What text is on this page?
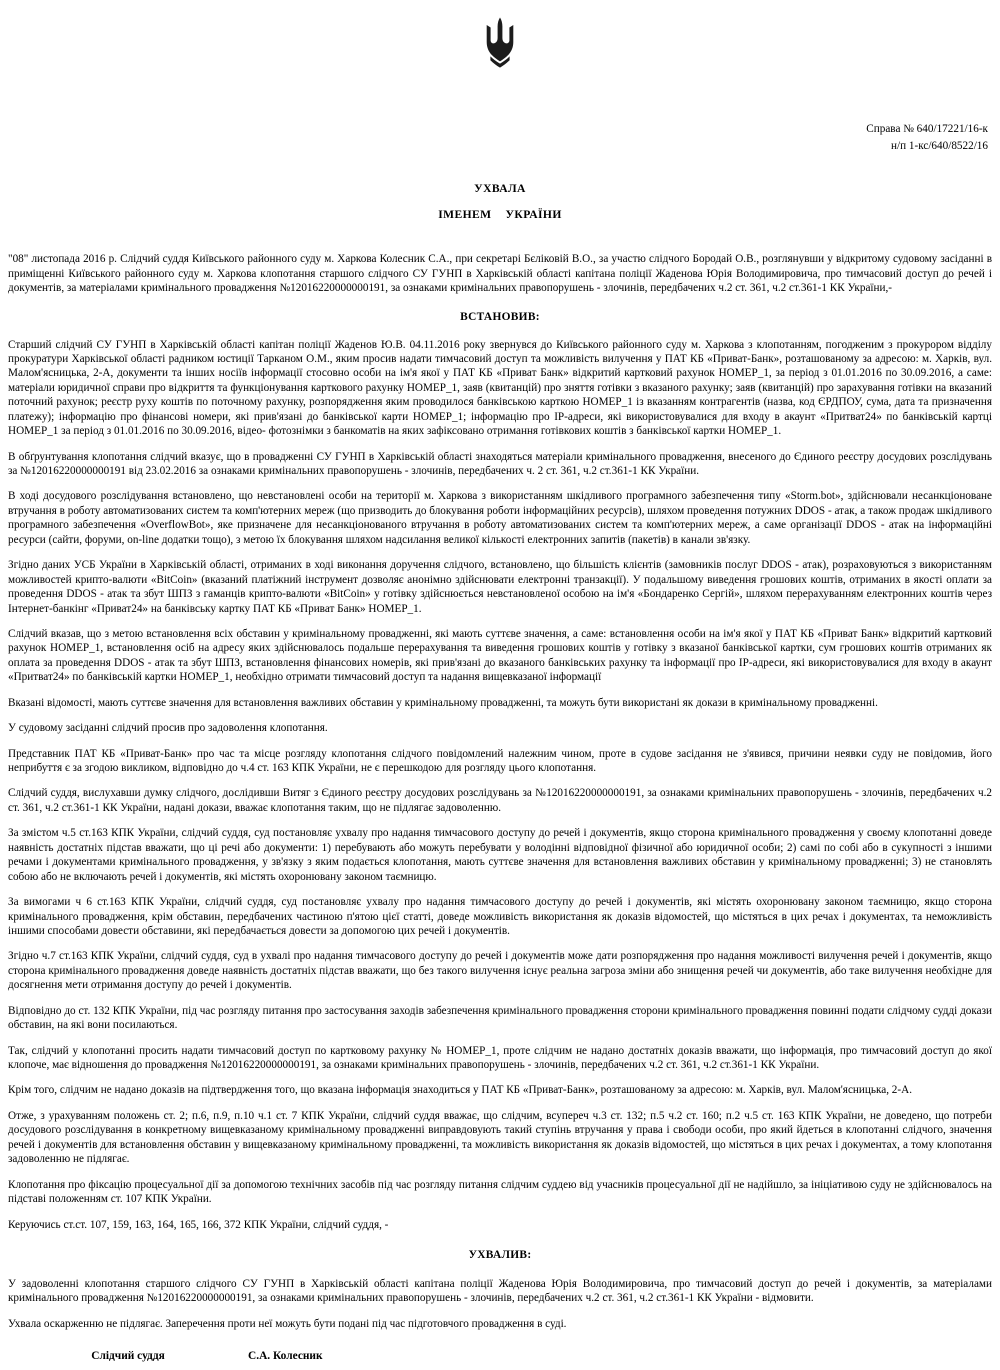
Справа № 640/17221/16-к
н/п 1-кс/640/8522/16
УХВАЛА
ІМЕНЕМ УКРАЇНИ

"08" листопада 2016 р. Слідчий суддя Київського районного суду м. Харкова Колесник С.А., при секретарі Бєліковій В.О., за участю слідчого Бородай О.В., розглянувши у відкритому судовому засіданні в приміщенні Київського районного суду м. Харкова клопотання старшого слідчого СУ ГУНП в Харківській області капітана поліції Жаденова Юрія Володимировича, про тимчасовий доступ до речей і документів, за матеріалами кримінального провадження №12016220000000191, за ознаками кримінальних правопорушень - злочинів, передбачених ч.2 ст. 361, ч.2 ст.361-1 КК України,-

ВСТАНОВИВ:

Старший слідчий СУ ГУНП в Харківській області капітан поліції Жаденов Ю.В. 04.11.2016 року звернувся до Київського районного суду м. Харкова з клопотанням, погодженим з прокурором відділу прокуратури Харківської області радником юстиції Тарканом О.М., яким просив надати тимчасовий доступ та можливість вилучення у ПАТ КБ «Приват-Банк», розташованому за адресою: м. Харків, вул. Малом'ясницька, 2-А, документи та інших носіїв інформації стосовно особи на ім'я якої у ПАТ КБ «Приват Банк» відкритий картковий рахунок НОМЕР_1, за період з 01.01.2016 по 30.09.2016, а саме: матеріали юридичної справи про відкриття та функціонування карткового рахунку НОМЕР_1, заяв (квитанцій) про зняття готівки з вказаного рахунку; заяв (квитанцій) про зарахування готівки на вказаний поточний рахунок; реєстр руху коштів по поточному рахунку, розпорядження яким проводилося банківською карткою НОМЕР_1 із вказанням контрагентів (назва, код ЄРДПОУ, сума, дата та призначення платежу); інформацію про фінансові номери, які прив'язані до банківської карти НОМЕР_1; інформацію про ІР-адреси, які використовувалися для входу в акаунт «Притват24» по банківській картці НОМЕР_1 за період з 01.01.2016 по 30.09.2016, відео- фотознімки з банкоматів на яких зафіксовано отримання готівкових коштів з банківської картки НОМЕР_1.

В обґрунтування клопотання слідчий вказує, що в провадженні СУ ГУНП в Харківській області знаходяться матеріали кримінального провадження, внесеного до Єдиного реєстру досудових розслідувань за №12016220000000191 від 23.02.2016 за ознаками кримінальних правопорушень - злочинів, передбачених ч. 2 ст. 361, ч.2 ст.361-1 КК України.

В ході досудового розслідування встановлено, що невстановлені особи на території м. Харкова з використанням шкідливого програмного забезпечення типу «Storm.bot», здійснювали несанкціоноване втручання в роботу автоматизованих систем та комп'ютерних мереж (що призводить до блокування роботи інформаційних ресурсів), шляхом проведення потужних DDOS - атак, а також продаж шкідливого програмного забезпечення «OverflowBot», яке призначене для несанкціонованого втручання в роботу автоматизованих систем та комп'ютерних мереж, а саме організації DDOS - атак на інформаційні ресурси (сайти, форуми, on-line додатки тощо), з метою їх блокування шляхом надсилання великої кількості електронних запитів (пакетів) в канали зв'язку.

Згідно даних УСБ України в Харківській області, отриманих в ході виконання доручення слідчого, встановлено, що більшість клієнтів (замовників послуг DDOS - атак), розраховуються з використанням можливостей крипто-валюти «BitCoin» (вказаний платіжний інструмент дозволяє анонімно здійснювати електронні транзакції). У подальшому виведення грошових коштів, отриманих в якості оплати за проведення DDOS - атак та збут ШПЗ з гаманців крипто-валюти «BitCoin» у готівку здійснюється невстановленої особою на ім'я «Бондаренко Сергій», шляхом перерахуванням електронних коштів через Інтернет-банкінг «Приват24» на банківську картку ПАТ КБ «Приват Банк» НОМЕР_1.

Слідчий вказав, що з метою встановлення всіх обставин у кримінальному провадженні, які мають суттєве значення, а саме: встановлення особи на ім'я якої у ПАТ КБ «Приват Банк» відкритий картковий рахунок НОМЕР_1, встановлення осіб на адресу яких здійснювалось подальше перерахування та виведення грошових коштів у готівку з вказаної банківської картки, сум грошових коштів отриманих як оплата за проведення DDOS - атак та збут ШПЗ, встановлення фінансових номерів, які прив'язані до вказаного банківських рахунку та інформації про ІР-адреси, які використовувалися для входу в акаунт «Притват24» по банківській картки НОМЕР_1, необхідно отримати тимчасовий доступ та надання вищевказаної інформації

Вказані відомості, мають суттєве значення для встановлення важливих обставин у кримінальному провадженні, та можуть бути використані як докази в кримінальному провадженні.

У судовому засіданні слідчий просив про задоволення клопотання.

Представник ПАТ КБ «Приват-Банк» про час та місце розгляду клопотання слідчого повідомлений належним чином, проте в судове засідання не з'явився, причини неявки суду не повідомив, його неприбуття є за згодою викликом, відповідно до ч.4 ст. 163 КПК України, не є перешкодою для розгляду цього клопотання.

Слідчий суддя, вислухавши думку слідчого, дослідивши Витяг з Єдиного реєстру досудових розслідувань за №12016220000000191, за ознаками кримінальних правопорушень - злочинів, передбачених ч.2 ст. 361, ч.2 ст.361-1 КК України, надані докази, вважає клопотання таким, що не підлягає задоволенню.

За змістом ч.5 ст.163 КПК України, слідчий суддя, суд постановляє ухвалу про надання тимчасового доступу до речей і документів, якщо сторона кримінального провадження у своєму клопотанні доведе наявність достатніх підстав вважати, що ці речі або документи: 1) перебувають або можуть перебувати у володінні відповідної фізичної або юридичної особи; 2) самі по собі або в сукупності з іншими речами і документами кримінального провадження, у зв'язку з яким подається клопотання, мають суттєве значення для встановлення важливих обставин у кримінальному провадженні; 3) не становлять собою або не включають речей і документів, які містять охоронювану законом таємницю.

За вимогами ч 6 ст.163 КПК України, слідчий суддя, суд постановляє ухвалу про надання тимчасового доступу до речей і документів, які містять охоронювану законом таємницю, якщо сторона кримінального провадження, крім обставин, передбачених частиною п'ятою цієї статті, доведе можливість використання як доказів відомостей, що містяться в цих речах і документах, та неможливість іншими способами довести обставини, які передбачається довести за допомогою цих речей і документів.

Згідно ч.7 ст.163 КПК України, слідчий суддя, суд в ухвалі про надання тимчасового доступу до речей і документів може дати розпорядження про надання можливості вилучення речей і документів, якщо сторона кримінального провадження доведе наявність достатніх підстав вважати, що без такого вилучення існує реальна загроза зміни або знищення речей чи документів, або таке вилучення необхідне для досягнення мети отримання доступу до речей і документів.

Відповідно до ст. 132 КПК України, під час розгляду питання про застосування заходів забезпечення кримінального провадження сторони кримінального провадження повинні подати слідчому судді докази обставин, на які вони посилаються.

Так, слідчий у клопотанні просить надати тимчасовий доступ по картковому рахунку № НОМЕР_1, проте слідчим не надано достатніх доказів вважати, що інформація, про тимчасовий доступ до якої клопоче, має відношення до провадження №12016220000000191, за ознаками кримінальних правопорушень - злочинів, передбачених ч.2 ст. 361, ч.2 ст.361-1 КК України.

Крім того, слідчим не надано доказів на підтвердження того, що вказана інформація знаходиться у ПАТ КБ «Приват-Банк», розташованому за адресою: м. Харків, вул. Малом'ясницька, 2-А.

Отже, з урахуванням положень ст. 2; п.6, п.9, п.10 ч.1 ст. 7 КПК України, слідчий суддя вважає, що слідчим, всупереч ч.3 ст. 132; п.5 ч.2 ст. 160; п.2 ч.5 ст. 163 КПК України, не доведено, що потреби досудового розслідування в конкретному вищевказаному кримінальному провадженні виправдовують такий ступінь втручання у права і свободи особи, про який йдеться в клопотанні слідчого, значення речей і документів для встановлення обставин у вищевказаному кримінальному провадженні, та можливість використання як доказів відомостей, що містяться в цих речах і документах, а тому клопотання задоволенню не підлягає.

Клопотання про фіксацію процесуальної дії за допомогою технічних засобів під час розгляду питання слідчим суддею від учасників процесуальної дії не надійшло, за ініціативою суду не здійснювалось на підставі положенням ст. 107 КПК України.

Керуючись ст.ст. 107, 159, 163, 164, 165, 166, 372 КПК України, слідчий суддя, -

УХВАЛИВ:

У задоволенні клопотання старшого слідчого СУ ГУНП в Харківській області капітана поліції Жаденова Юрія Володимировича, про тимчасовий доступ до речей і документів, за матеріалами кримінального провадження №12016220000000191, за ознаками кримінальних правопорушень - злочинів, передбачених ч.2 ст. 361, ч.2 ст.361-1 КК України - відмовити.

Ухвала оскарженню не підлягає. Заперечення проти неї можуть бути подані під час підготовчого провадження в суді.

Слідчий суддя	С.А. Колесник
